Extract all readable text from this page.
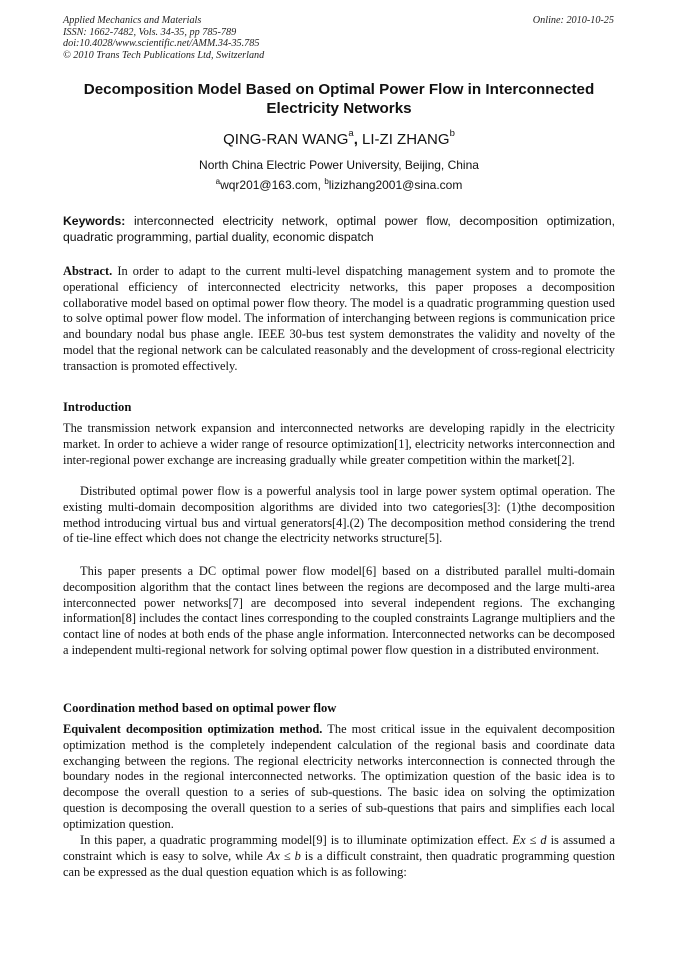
Applied Mechanics and Materials
ISSN: 1662-7482, Vols. 34-35, pp 785-789
doi:10.4028/www.scientific.net/AMM.34-35.785
© 2010 Trans Tech Publications Ltd, Switzerland
Online: 2010-10-25
Decomposition Model Based on Optimal Power Flow in Interconnected Electricity Networks
QING-RAN WANG$^a$, LI-ZI ZHANG$^b$
North China Electric Power University, Beijing, China
$^a$wqr201@163.com, $^b$lizizhang2001@sina.com
Keywords: interconnected electricity network, optimal power flow, decomposition optimization, quadratic programming, partial duality, economic dispatch

Abstract. In order to adapt to the current multi-level dispatching management system and to promote the operational efficiency of interconnected electricity networks, this paper proposes a decomposition collaborative model based on optimal power flow theory. The model is a quadratic programming question used to solve optimal power flow model. The information of interchanging between regions is communication price and boundary nodal bus phase angle. IEEE 30-bus test system demonstrates the validity and novelty of the model that the regional network can be calculated reasonably and the development of cross-regional electricity transaction is promoted effectively.

Introduction

The transmission network expansion and interconnected networks are developing rapidly in the electricity market. In order to achieve a wider range of resource optimization[1], electricity networks interconnection and inter-regional power exchange are increasing gradually while greater competition within the market[2].

Distributed optimal power flow is a powerful analysis tool in large power system optimal operation. The existing multi-domain decomposition algorithms are divided into two categories[3]: (1)the decomposition method introducing virtual bus and virtual generators[4].(2) The decomposition method considering the trend of tie-line effect which does not change the electricity networks structure[5].

This paper presents a DC optimal power flow model[6] based on a distributed parallel multi-domain decomposition algorithm that the contact lines between the regions are decomposed and the large multi-area interconnected power networks[7] are decomposed into several independent regions. The exchanging information[8] includes the contact lines corresponding to the coupled constraints Lagrange multipliers and the contact line of nodes at both ends of the phase angle information. Interconnected networks can be decomposed a independent multi-regional network for solving optimal power flow question in a distributed environment.

Coordination method based on optimal power flow

Equivalent decomposition optimization method. The most critical issue in the equivalent decomposition optimization method is the completely independent calculation of the regional basis and coordinate data exchanging between the regions. The regional electricity networks interconnection is connected through the boundary nodes in the regional interconnected networks. The optimization question of the basic idea is to decompose the overall question to a series of sub-questions. The basic idea on solving the optimization question is decomposing the overall question to a series of sub-questions that pairs and simplifies each local optimization question.

In this paper, a quadratic programming model[9] is to illuminate optimization effect. Ex ≤ d is assumed a constraint which is easy to solve, while Ax ≤ b is a difficult constraint, then quadratic programming question can be expressed as the dual question equation which is as following:
